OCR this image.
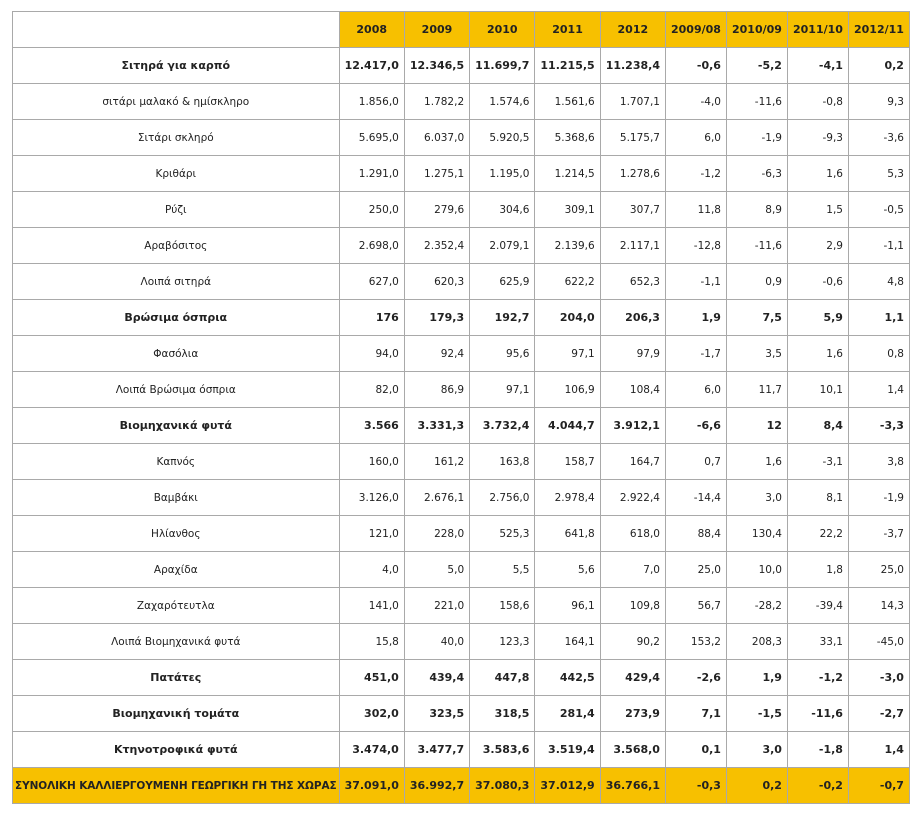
	2008	2009	2010	2011	2012	2009/08	2010/09	2011/10	2012/11
Σιτηρά για καρπό	12.417,0	12.346,5	11.699,7	11.215,5	11.238,4	-0,6	-5,2	-4,1	0,2
σιτάρι μαλακό & ημίσκληρο	1.856,0	1.782,2	1.574,6	1.561,6	1.707,1	-4,0	-11,6	-0,8	9,3
Σιτάρι σκληρό	5.695,0	6.037,0	5.920,5	5.368,6	5.175,7	6,0	-1,9	-9,3	-3,6
Κριθάρι	1.291,0	1.275,1	1.195,0	1.214,5	1.278,6	-1,2	-6,3	1,6	5,3
Ρύζι	250,0	279,6	304,6	309,1	307,7	11,8	8,9	1,5	-0,5
Αραβόσιτος	2.698,0	2.352,4	2.079,1	2.139,6	2.117,1	-12,8	-11,6	2,9	-1,1
Λοιπά σιτηρά	627,0	620,3	625,9	622,2	652,3	-1,1	0,9	-0,6	4,8
Βρώσιμα όσπρια	176	179,3	192,7	204,0	206,3	1,9	7,5	5,9	1,1
Φασόλια	94,0	92,4	95,6	97,1	97,9	-1,7	3,5	1,6	0,8
Λοιπά Βρώσιμα όσπρια	82,0	86,9	97,1	106,9	108,4	6,0	11,7	10,1	1,4
Βιομηχανικά φυτά	3.566	3.331,3	3.732,4	4.044,7	3.912,1	-6,6	12	8,4	-3,3
Καπνός	160,0	161,2	163,8	158,7	164,7	0,7	1,6	-3,1	3,8
Βαμβάκι	3.126,0	2.676,1	2.756,0	2.978,4	2.922,4	-14,4	3,0	8,1	-1,9
Ηλίανθος	121,0	228,0	525,3	641,8	618,0	88,4	130,4	22,2	-3,7
Αραχίδα	4,0	5,0	5,5	5,6	7,0	25,0	10,0	1,8	25,0
Ζαχαρότευτλα	141,0	221,0	158,6	96,1	109,8	56,7	-28,2	-39,4	14,3
Λοιπά Βιομηχανικά φυτά	15,8	40,0	123,3	164,1	90,2	153,2	208,3	33,1	-45,0
Πατάτες	451,0	439,4	447,8	442,5	429,4	-2,6	1,9	-1,2	-3,0
Βιομηχανική τομάτα	302,0	323,5	318,5	281,4	273,9	7,1	-1,5	-11,6	-2,7
Κτηνοτροφικά φυτά	3.474,0	3.477,7	3.583,6	3.519,4	3.568,0	0,1	3,0	-1,8	1,4
ΣΥΝΟΛΙΚΗ ΚΑΛΛΙΕΡΓΟΥΜΕΝΗ ΓΕΩΡΓΙΚΗ ΓΗ ΤΗΣ ΧΩΡΑΣ	37.091,0	36.992,7	37.080,3	37.012,9	36.766,1	-0,3	0,2	-0,2	-0,7
